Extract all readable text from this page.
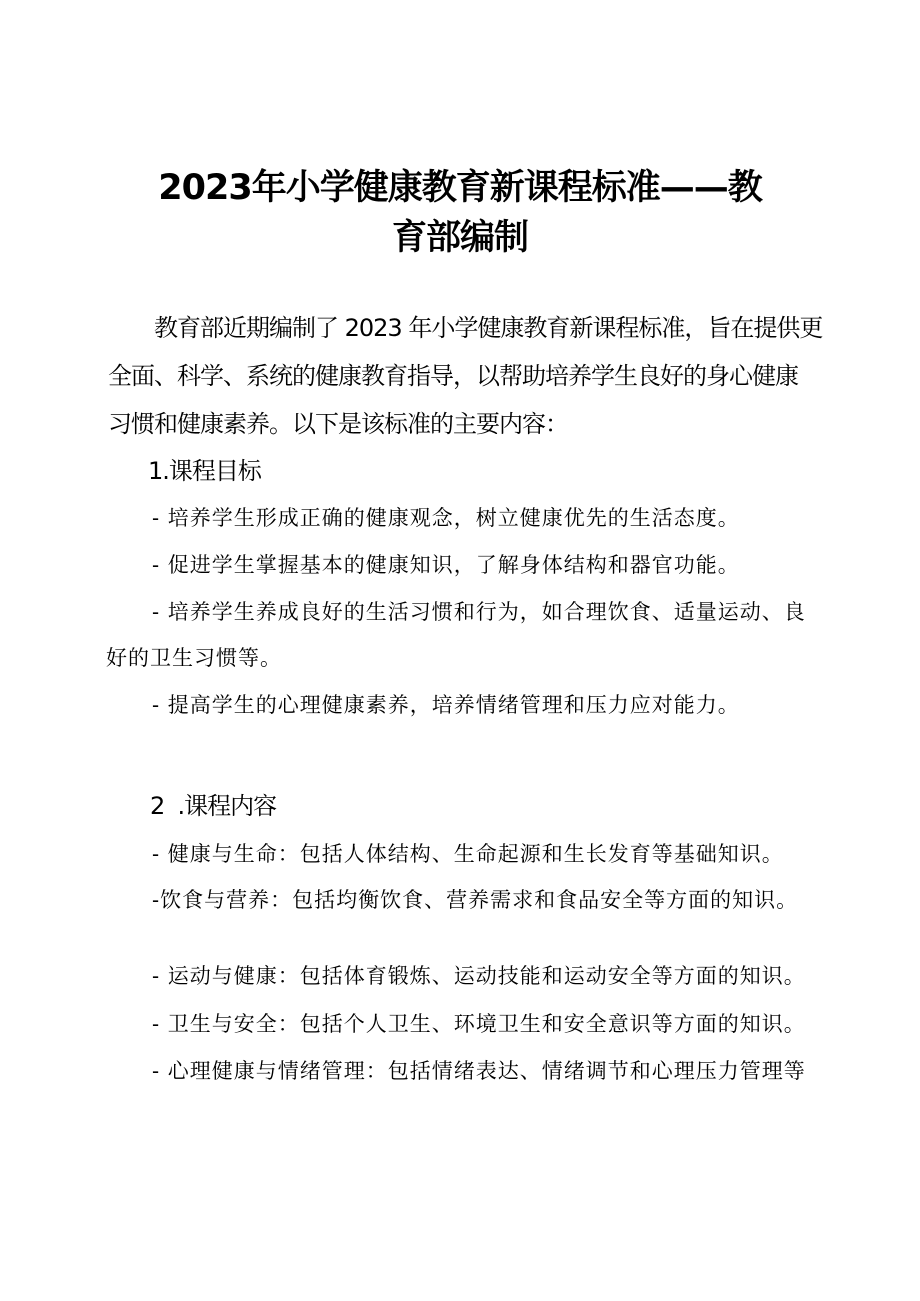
2023年小学健康教育新课程标准——教
育部编制
教育部近期编制了 2023 年小学健康教育新课程标准，旨在提供更
全面、科学、系统的健康教育指导，以帮助培养学生良好的身心健康
习惯和健康素养。以下是该标准的主要内容：
1.课程目标
- 培养学生形成正确的健康观念，树立健康优先的生活态度。
- 促进学生掌握基本的健康知识，了解身体结构和器官功能。
- 培养学生养成良好的生活习惯和行为，如合理饮食、适量运动、良
好的卫生习惯等。
- 提高学生的心理健康素养，培养情绪管理和压力应对能力。
2  .课程内容
- 健康与生命：包括人体结构、生命起源和生长发育等基础知识。
-饮食与营养：包括均衡饮食、营养需求和食品安全等方面的知识。
- 运动与健康：包括体育锻炼、运动技能和运动安全等方面的知识。
- 卫生与安全：包括个人卫生、环境卫生和安全意识等方面的知识。
- 心理健康与情绪管理：包括情绪表达、情绪调节和心理压力管理等
